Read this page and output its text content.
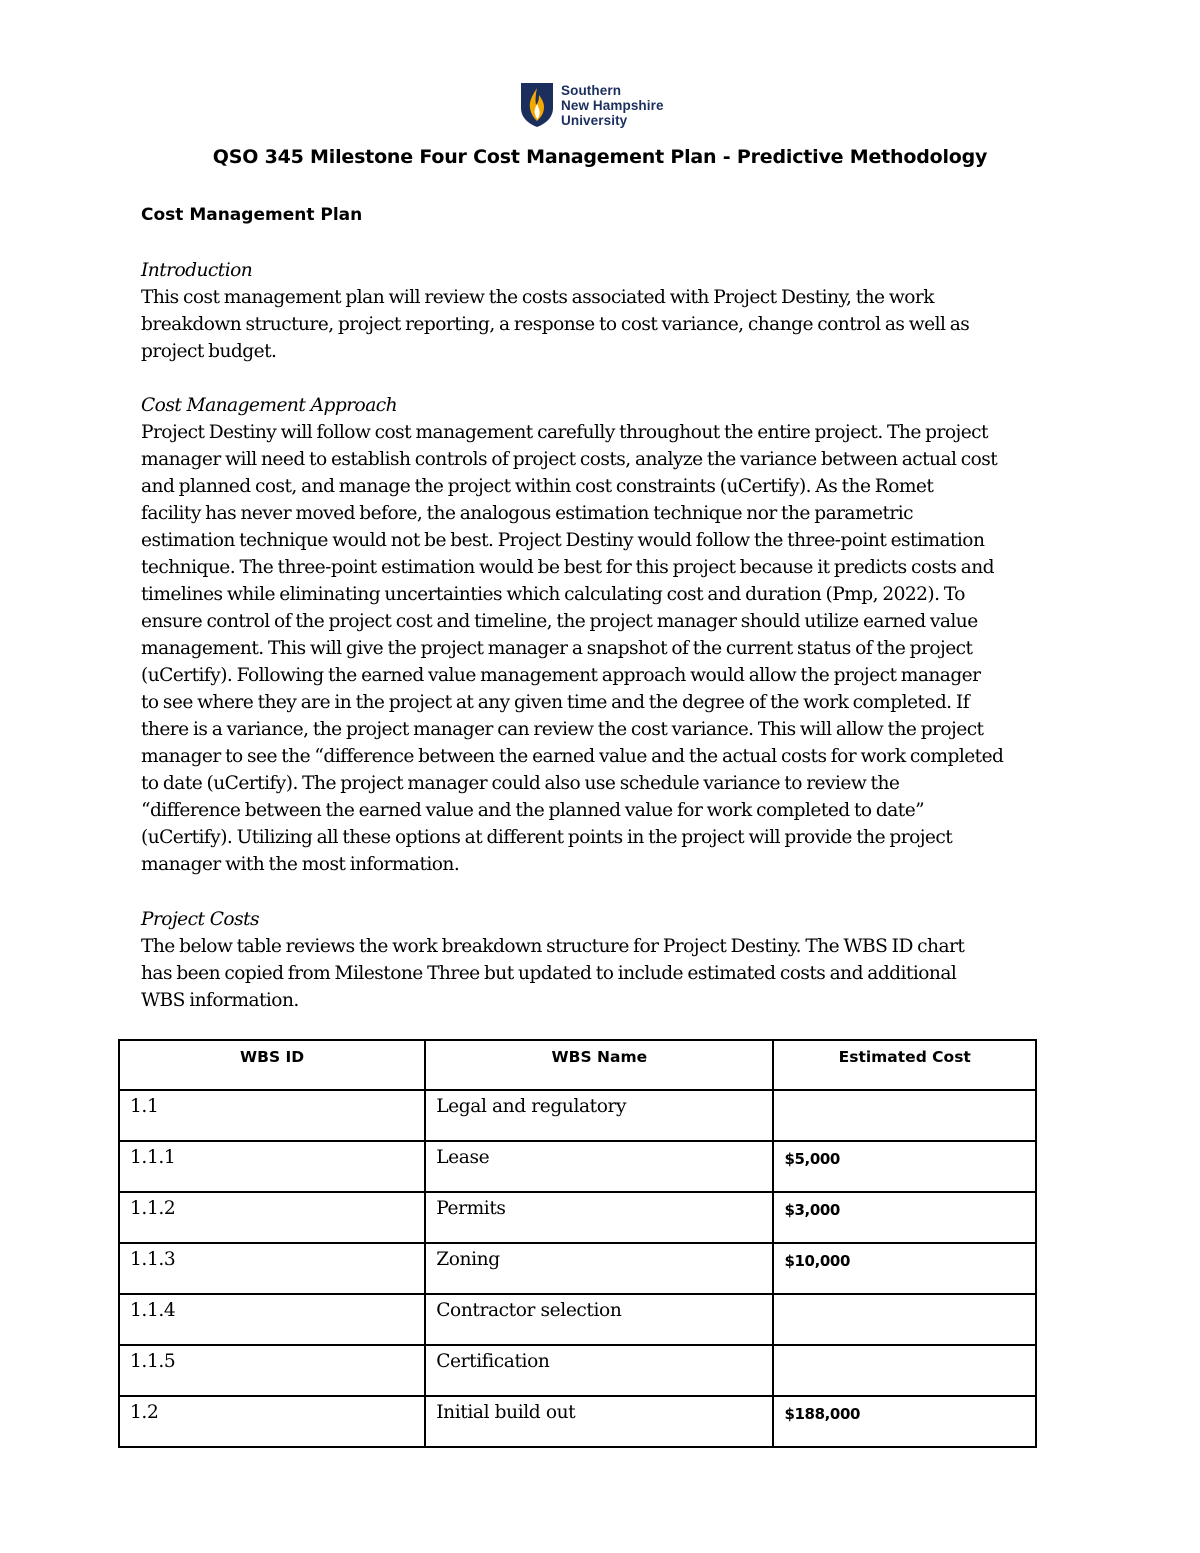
Southern
New Hampshire
University
QSO 345 Milestone Four Cost Management Plan - Predictive Methodology
Cost Management Plan

Introduction

This cost management plan will review the costs associated with Project Destiny, the work
breakdown structure, project reporting, a response to cost variance, change control as well as
project budget.

Cost Management Approach

Project Destiny will follow cost management carefully throughout the entire project. The project
manager will need to establish controls of project costs, analyze the variance between actual cost
and planned cost, and manage the project within cost constraints (uCertify). As the Romet
facility has never moved before, the analogous estimation technique nor the parametric
estimation technique would not be best. Project Destiny would follow the three-point estimation
technique. The three-point estimation would be best for this project because it predicts costs and
timelines while eliminating uncertainties which calculating cost and duration (Pmp, 2022). To
ensure control of the project cost and timeline, the project manager should utilize earned value
management. This will give the project manager a snapshot of the current status of the project
(uCertify). Following the earned value management approach would allow the project manager
to see where they are in the project at any given time and the degree of the work completed. If
there is a variance, the project manager can review the cost variance. This will allow the project
manager to see the “difference between the earned value and the actual costs for work completed
to date (uCertify). The project manager could also use schedule variance to review the
“difference between the earned value and the planned value for work completed to date”
(uCertify). Utilizing all these options at different points in the project will provide the project
manager with the most information.

Project Costs

The below table reviews the work breakdown structure for Project Destiny. The WBS ID chart
has been copied from Milestone Three but updated to include estimated costs and additional
WBS information.
WBS ID	WBS Name	Estimated Cost
1.1	Legal and regulatory	
1.1.1	Lease	$5,000
1.1.2	Permits	$3,000
1.1.3	Zoning	$10,000
1.1.4	Contractor selection	
1.1.5	Certification	
1.2	Initial build out	$188,000
